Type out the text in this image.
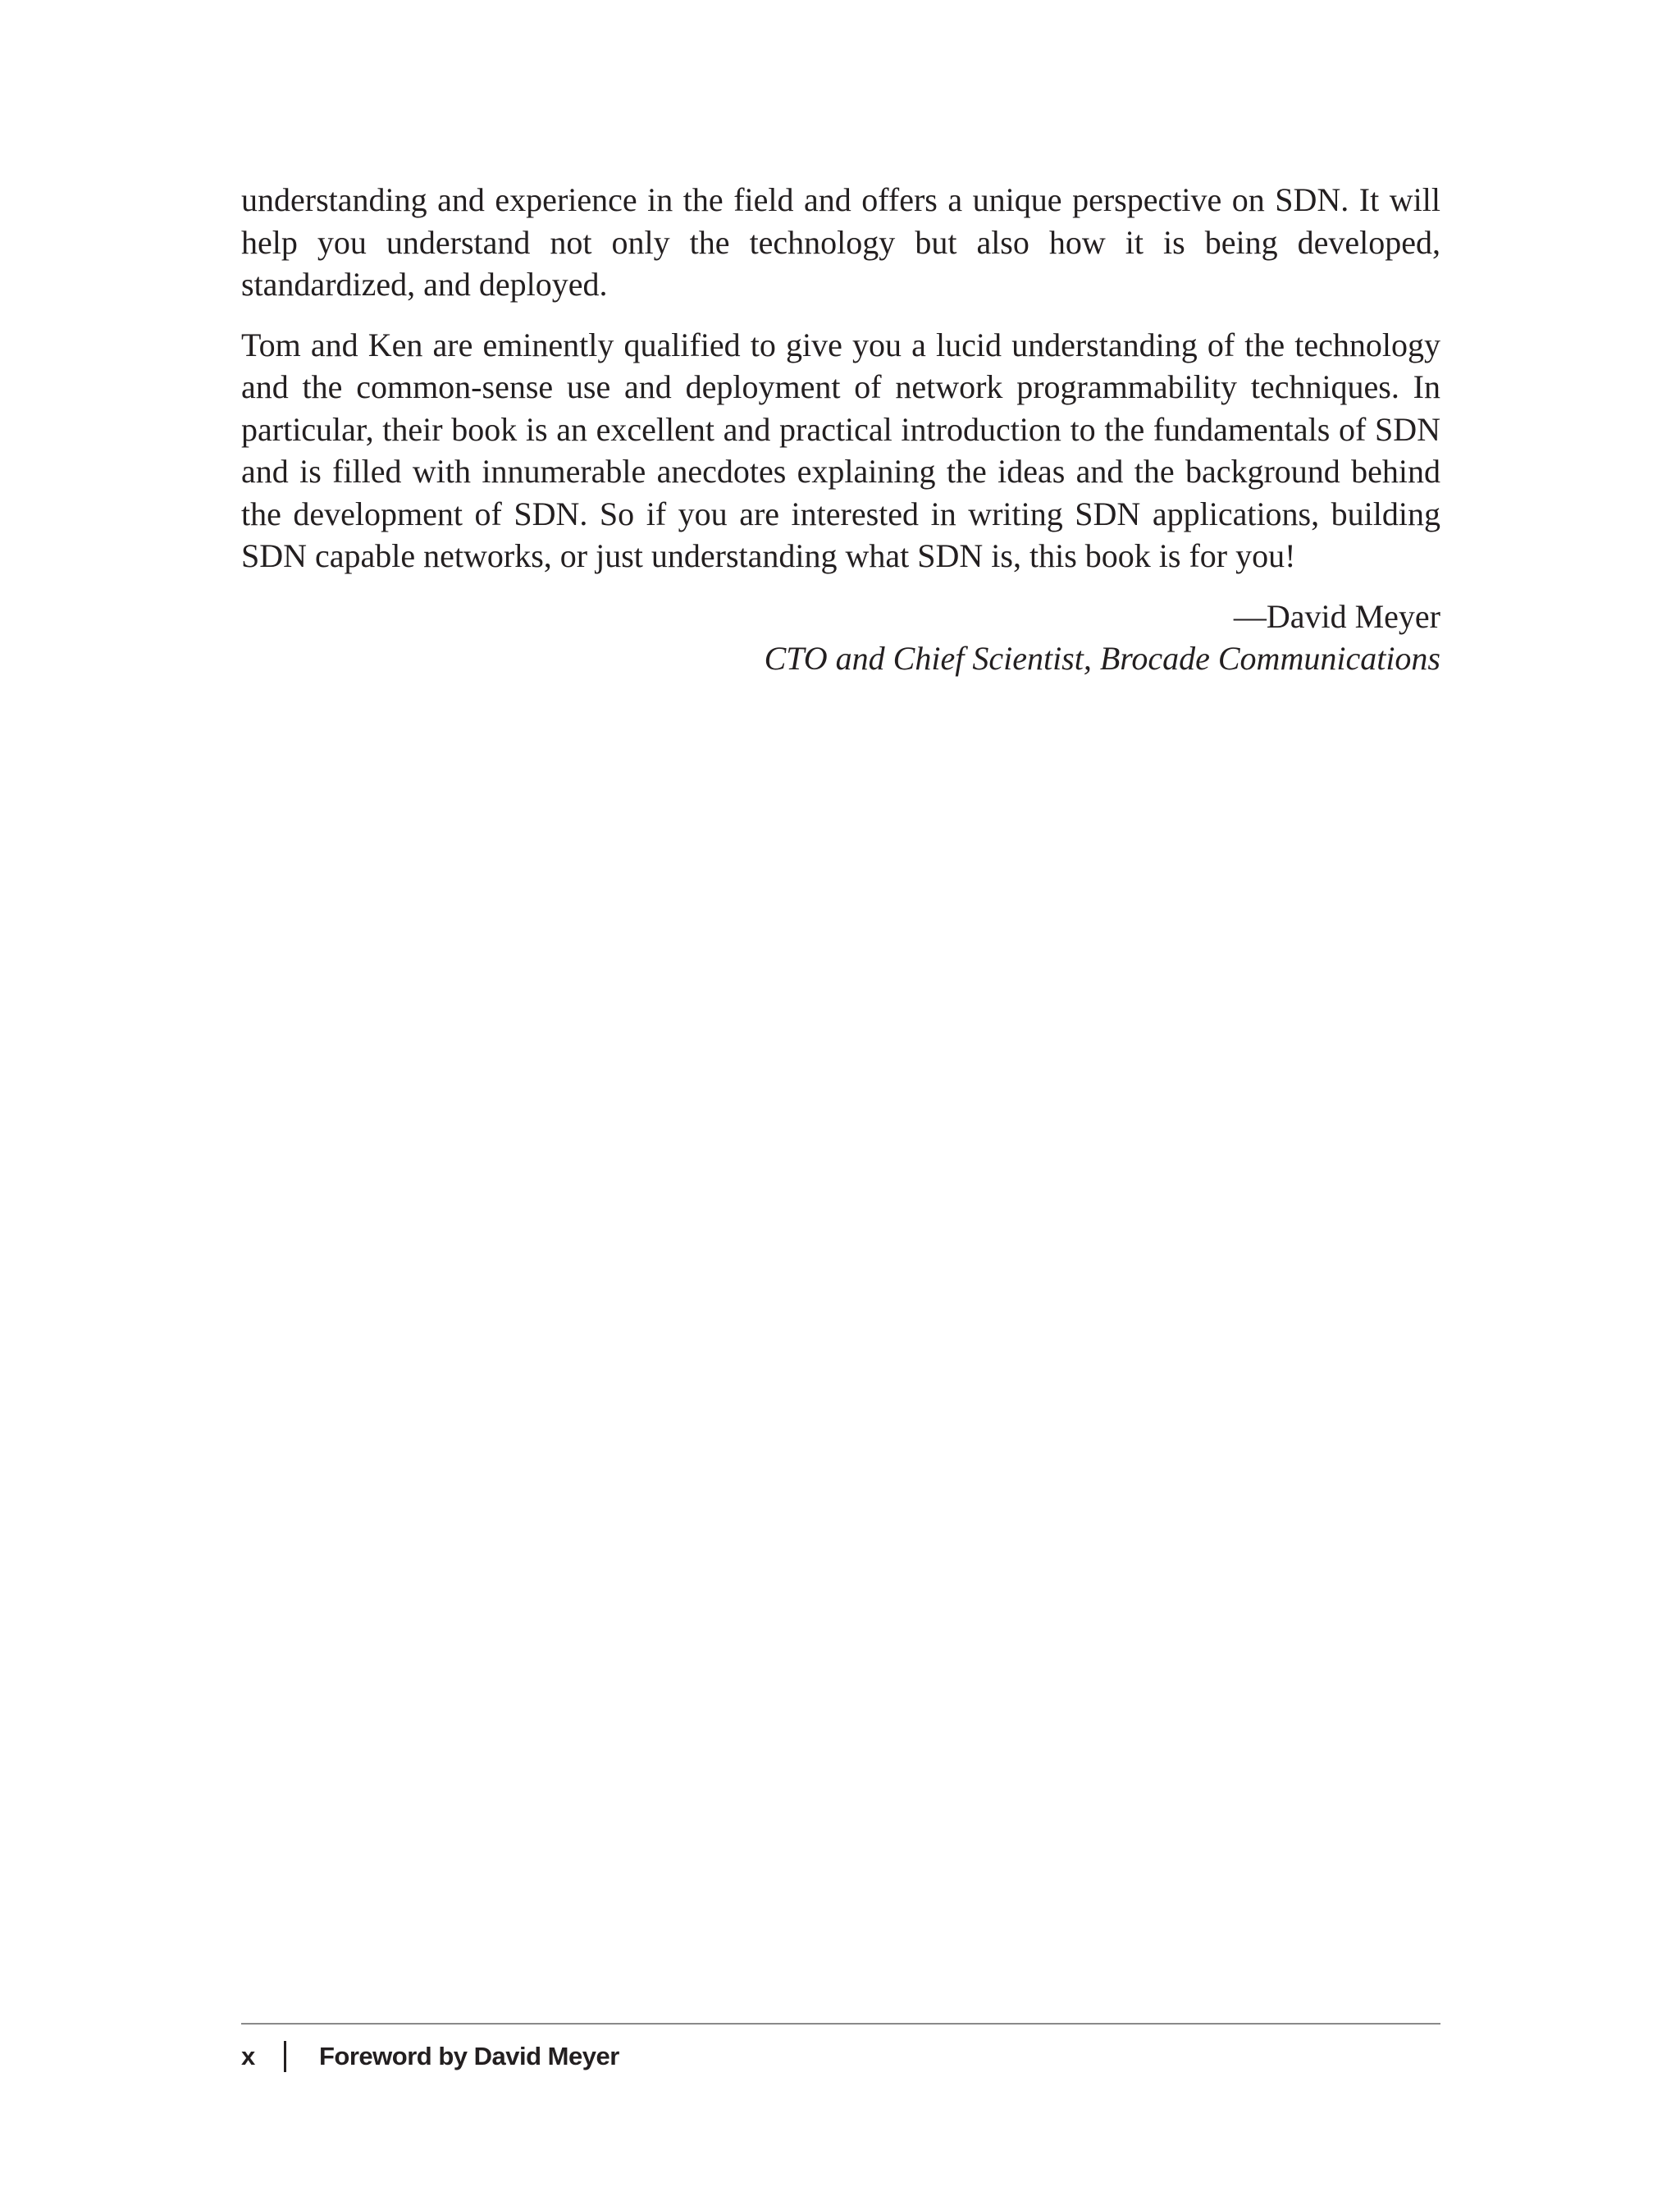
understanding and experience in the field and offers a unique perspective on SDN. It will help you understand not only the technology but also how it is being developed, standardized, and deployed.

Tom and Ken are eminently qualified to give you a lucid understanding of the technology and the common-sense use and deployment of network programmability techniques. In particular, their book is an excellent and practical introduction to the fundamentals of SDN and is filled with innumerable anecdotes explaining the ideas and the background behind the development of SDN. So if you are interested in writing SDN applications, building SDN capable networks, or just understanding what SDN is, this book is for you!

—David Meyer
CTO and Chief Scientist, Brocade Communications
x	Foreword by David Meyer
